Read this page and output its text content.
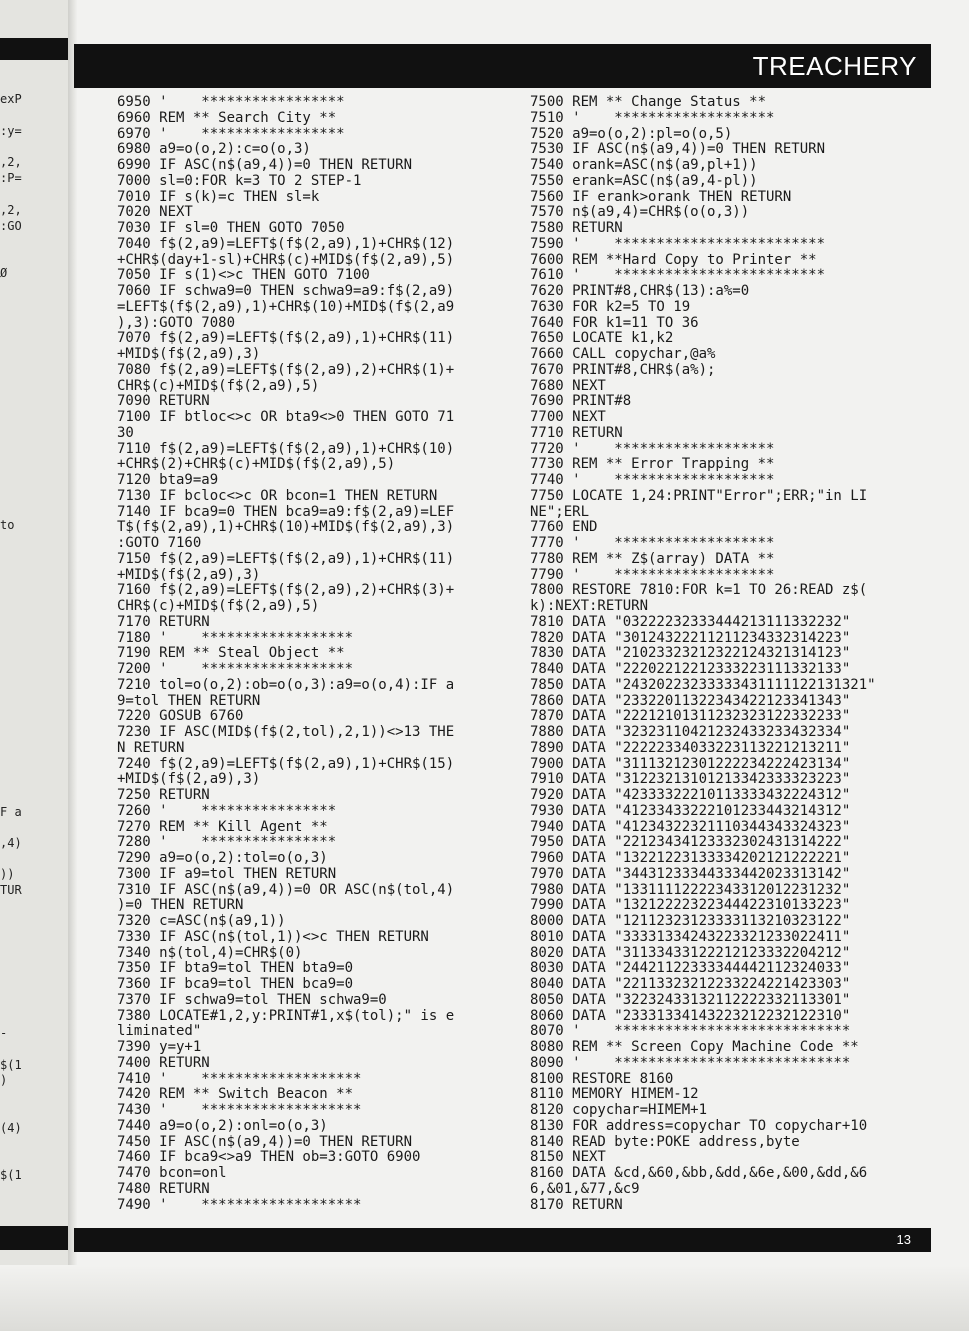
exP
:y=
,2,
:P=
,2,
:GO
Ø
to
F a
,4)
))
TUR
-
$(1
)
(4)
$(1
TREACHERY
6950 '    *****************
6960 REM ** Search City **
6970 '    *****************
6980 a9=o(o,2):c=o(o,3)
6990 IF ASC(n$(a9,4))=0 THEN RETURN
7000 sl=0:FOR k=3 TO 2 STEP-1
7010 IF s(k)=c THEN sl=k
7020 NEXT
7030 IF sl=0 THEN GOTO 7050
7040 f$(2,a9)=LEFT$(f$(2,a9),1)+CHR$(12)
+CHR$(day+1-sl)+CHR$(c)+MID$(f$(2,a9),5)
7050 IF s(1)<>c THEN GOTO 7100
7060 IF schwa9=0 THEN schwa9=a9:f$(2,a9)
=LEFT$(f$(2,a9),1)+CHR$(10)+MID$(f$(2,a9
),3):GOTO 7080
7070 f$(2,a9)=LEFT$(f$(2,a9),1)+CHR$(11)
+MID$(f$(2,a9),3)
7080 f$(2,a9)=LEFT$(f$(2,a9),2)+CHR$(1)+
CHR$(c)+MID$(f$(2,a9),5)
7090 RETURN
7100 IF btloc<>c OR bta9<>0 THEN GOTO 71
30
7110 f$(2,a9)=LEFT$(f$(2,a9),1)+CHR$(10)
+CHR$(2)+CHR$(c)+MID$(f$(2,a9),5)
7120 bta9=a9
7130 IF bcloc<>c OR bcon=1 THEN RETURN
7140 IF bca9=0 THEN bca9=a9:f$(2,a9)=LEF
T$(f$(2,a9),1)+CHR$(10)+MID$(f$(2,a9),3)
:GOTO 7160
7150 f$(2,a9)=LEFT$(f$(2,a9),1)+CHR$(11)
+MID$(f$(2,a9),3)
7160 f$(2,a9)=LEFT$(f$(2,a9),2)+CHR$(3)+
CHR$(c)+MID$(f$(2,a9),5)
7170 RETURN
7180 '    ******************
7190 REM ** Steal Object **
7200 '    ******************
7210 tol=o(o,2):ob=o(o,3):a9=o(o,4):IF a
9=tol THEN RETURN
7220 GOSUB 6760
7230 IF ASC(MID$(f$(2,tol),2,1))<>13 THE
N RETURN
7240 f$(2,a9)=LEFT$(f$(2,a9),1)+CHR$(15)
+MID$(f$(2,a9),3)
7250 RETURN
7260 '    ****************
7270 REM ** Kill Agent **
7280 '    ****************
7290 a9=o(o,2):tol=o(o,3)
7300 IF a9=tol THEN RETURN
7310 IF ASC(n$(a9,4))=0 OR ASC(n$(tol,4)
)=0 THEN RETURN
7320 c=ASC(n$(a9,1))
7330 IF ASC(n$(tol,1))<>c THEN RETURN
7340 n$(tol,4)=CHR$(0)
7350 IF bta9=tol THEN bta9=0
7360 IF bca9=tol THEN bca9=0
7370 IF schwa9=tol THEN schwa9=0
7380 LOCATE#1,2,y:PRINT#1,x$(tol);" is e
liminated"
7390 y=y+1
7400 RETURN
7410 '    *******************
7420 REM ** Switch Beacon **
7430 '    *******************
7440 a9=o(o,2):onl=o(o,3)
7450 IF ASC(n$(a9,4))=0 THEN RETURN
7460 IF bca9<>a9 THEN ob=3:GOTO 6900
7470 bcon=onl
7480 RETURN
7490 '    *******************
7500 REM ** Change Status **
7510 '    *******************
7520 a9=o(o,2):pl=o(o,5)
7530 IF ASC(n$(a9,4))=0 THEN RETURN
7540 orank=ASC(n$(a9,pl+1))
7550 erank=ASC(n$(a9,4-pl))
7560 IF erank>orank THEN RETURN
7570 n$(a9,4)=CHR$(o(o,3))
7580 RETURN
7590 '    *************************
7600 REM **Hard Copy to Printer **
7610 '    *************************
7620 PRINT#8,CHR$(13):a%=0
7630 FOR k2=5 TO 19
7640 FOR k1=11 TO 36
7650 LOCATE k1,k2
7660 CALL copychar,@a%
7670 PRINT#8,CHR$(a%);
7680 NEXT
7690 PRINT#8
7700 NEXT
7710 RETURN
7720 '    *******************
7730 REM ** Error Trapping **
7740 '    *******************
7750 LOCATE 1,24:PRINT"Error";ERR;"in LI
NE";ERL
7760 END
7770 '    *******************
7780 REM ** Z$(array) DATA **
7790 '    *******************
7800 RESTORE 7810:FOR k=1 TO 26:READ z$(
k):NEXT:RETURN
7810 DATA "03222232333444213111332232"
7820 DATA "30124322211211234332314223"
7830 DATA "21023323212322124321314123"
7840 DATA "22202212212333223111332133"
7850 DATA "24320223233333431111122131321"
7860 DATA "23322011322343422123341343"
7870 DATA "22212101311232323122332233"
7880 DATA "32323110421232433233432334"
7890 DATA "22222334033223113221213211"
7900 DATA "31113212301222234222423134"
7910 DATA "31223213101213342333323223"
7920 DATA "42333322210113333432224312"
7930 DATA "41233433222101233443214312"
7940 DATA "41234322321110344343324323"
7950 DATA "22123434123332302431314222"
7960 DATA "13221223133334202121222221"
7970 DATA "34431233344333442023313142"
7980 DATA "13311112222343312012231232"
7990 DATA "13212222322344422310133223"
8000 DATA "12112323123333113210323122"
8010 DATA "33331334243223321233022411"
8020 DATA "31133433122212123332204212"
8030 DATA "24421122333344442112324033"
8040 DATA "22113323212233224221423303"
8050 DATA "32232433132112222332113301"
8060 DATA "23331334143223212232122310"
8070 '    ****************************
8080 REM ** Screen Copy Machine Code **
8090 '    ****************************
8100 RESTORE 8160
8110 MEMORY HIMEM-12
8120 copychar=HIMEM+1
8130 FOR address=copychar TO copychar+10
8140 READ byte:POKE address,byte
8150 NEXT
8160 DATA &cd,&60,&bb,&dd,&6e,&00,&dd,&6
6,&01,&77,&c9
8170 RETURN
13
